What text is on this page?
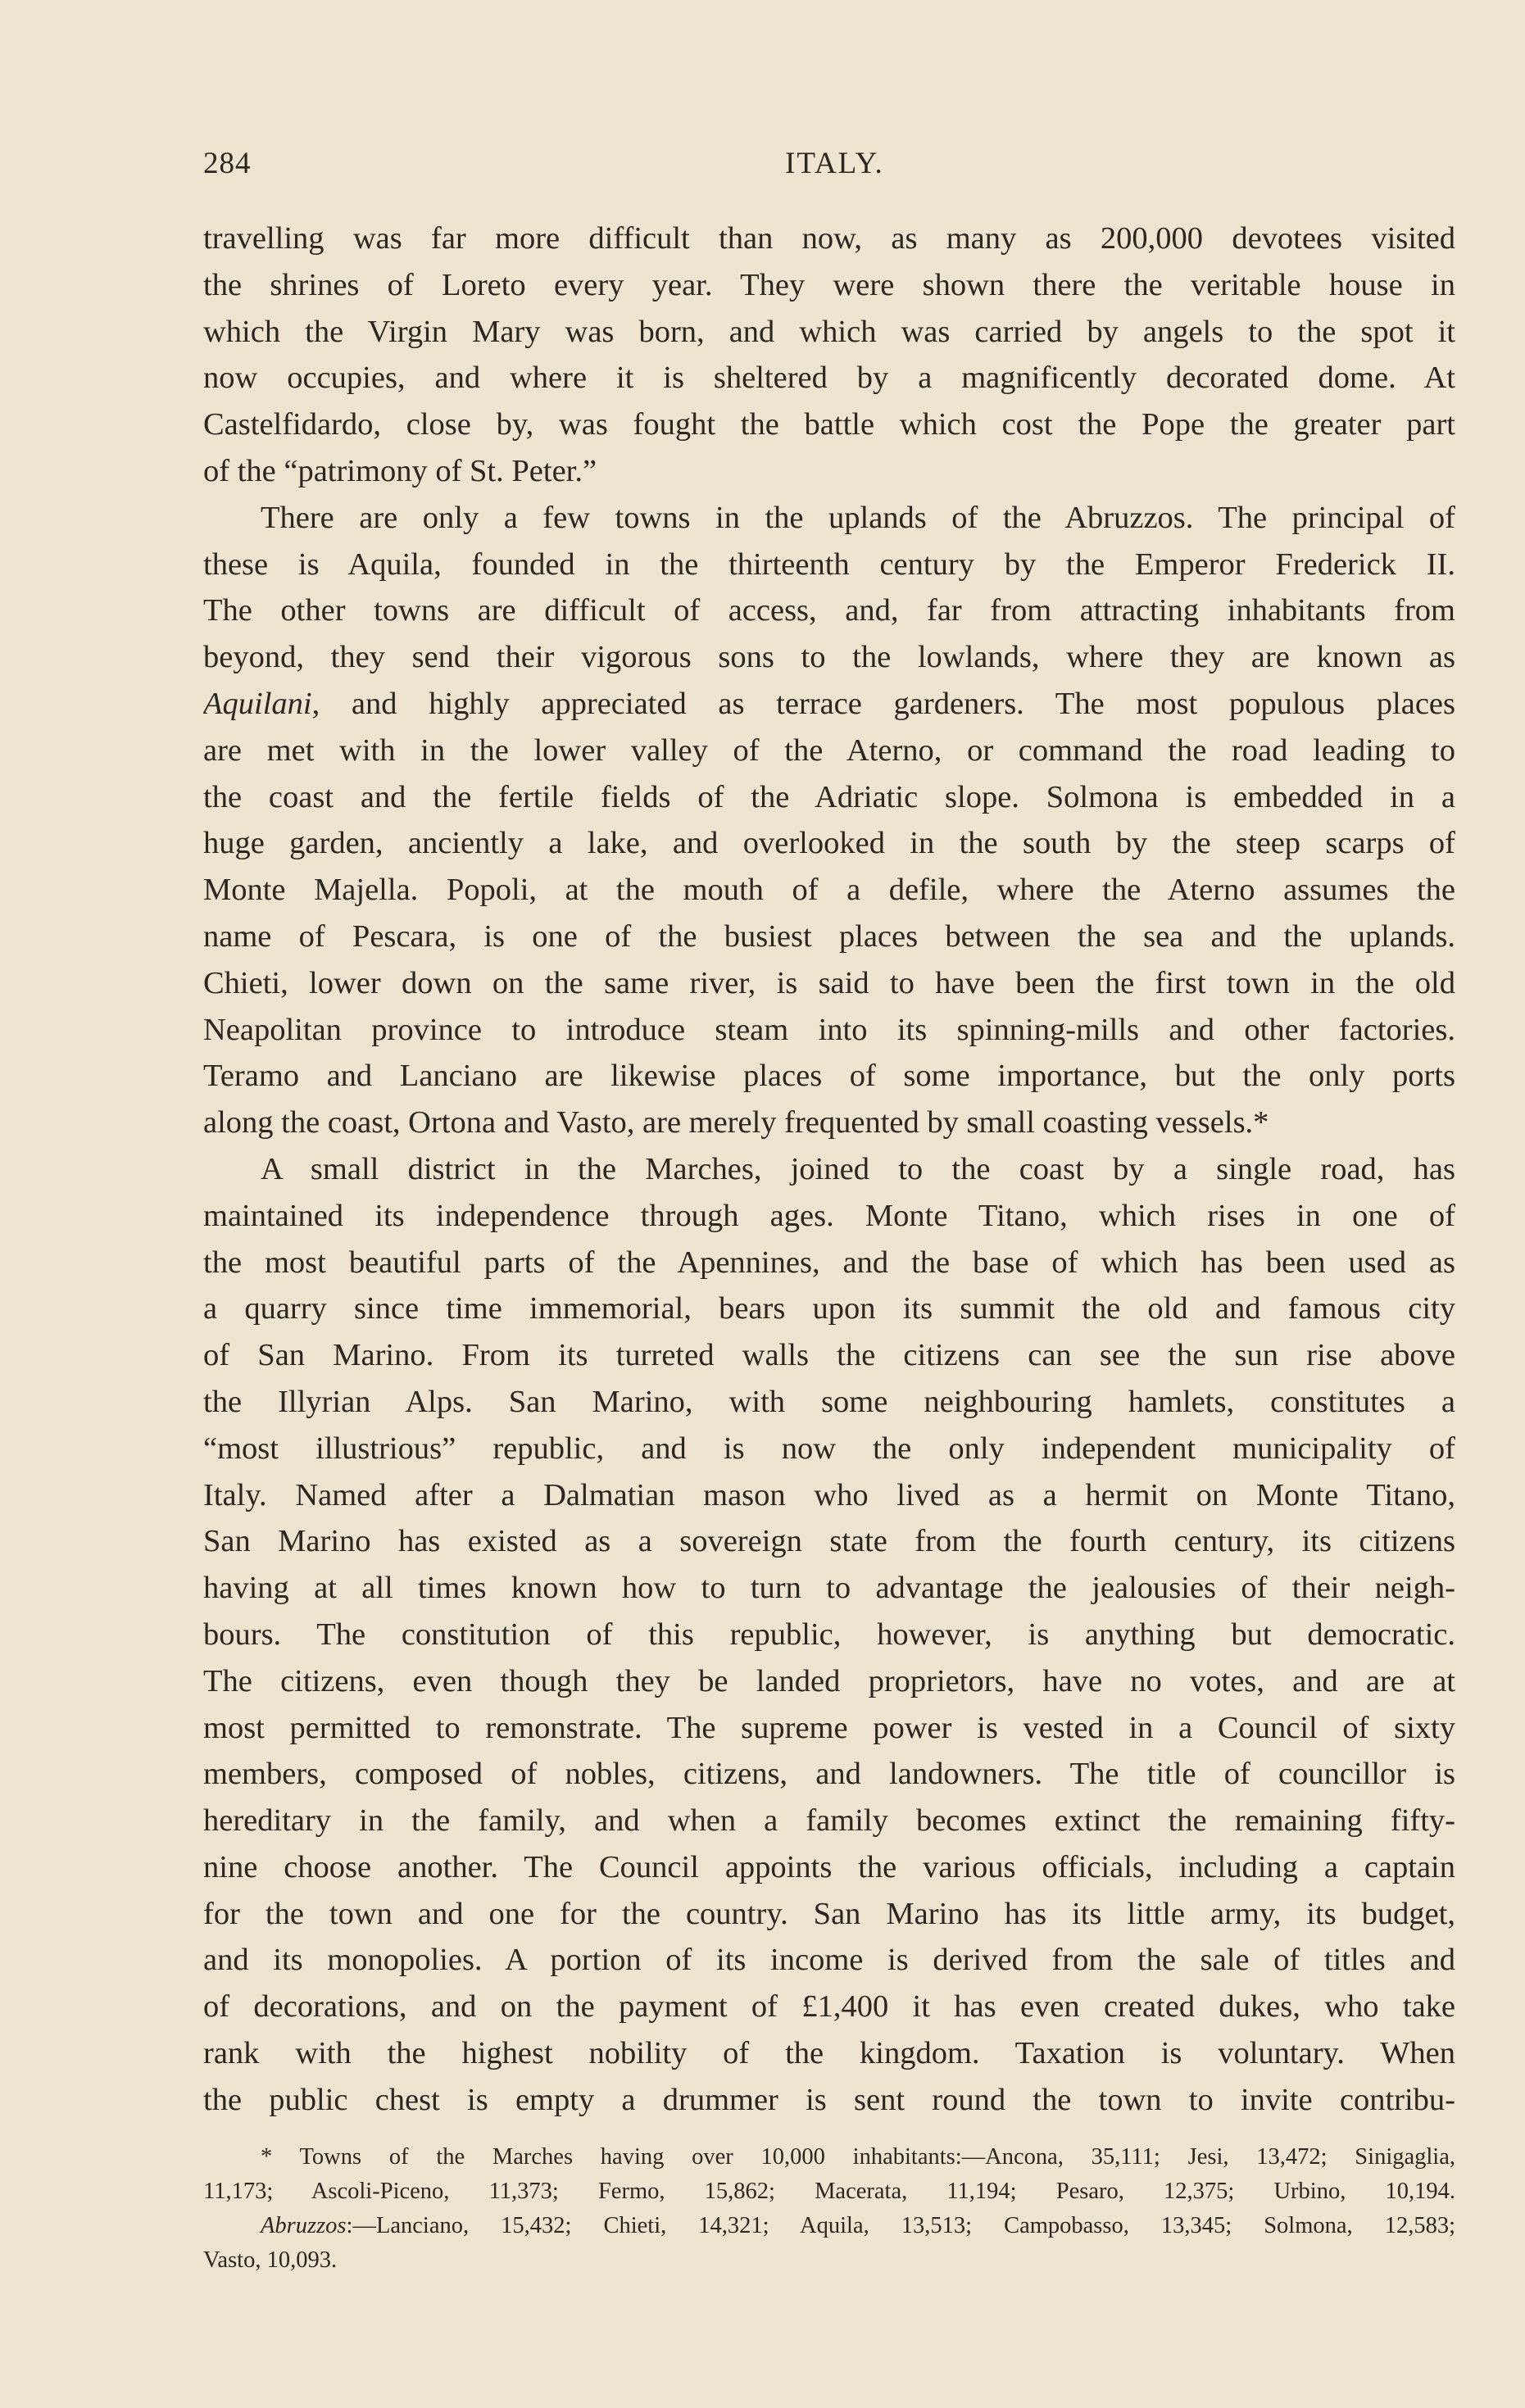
284	ITALY.
travelling was far more difficult than now, as many as 200,000 devotees visited
the shrines of Loreto every year. They were shown there the veritable house in
which the Virgin Mary was born, and which was carried by angels to the spot it
now occupies, and where it is sheltered by a magnificently decorated dome. At
Castelfidardo, close by, was fought the battle which cost the Pope the greater part
of the “patrimony of St. Peter.”
There are only a few towns in the uplands of the Abruzzos. The principal of
these is Aquila, founded in the thirteenth century by the Emperor Frederick II.
The other towns are difficult of access, and, far from attracting inhabitants from
beyond, they send their vigorous sons to the lowlands, where they are known as
Aquilani, and highly appreciated as terrace gardeners. The most populous places
are met with in the lower valley of the Aterno, or command the road leading to
the coast and the fertile fields of the Adriatic slope. Solmona is embedded in a
huge garden, anciently a lake, and overlooked in the south by the steep scarps of
Monte Majella. Popoli, at the mouth of a defile, where the Aterno assumes the
name of Pescara, is one of the busiest places between the sea and the uplands.
Chieti, lower down on the same river, is said to have been the first town in the old
Neapolitan province to introduce steam into its spinning-mills and other factories.
Teramo and Lanciano are likewise places of some importance, but the only ports
along the coast, Ortona and Vasto, are merely frequented by small coasting vessels.*
A small district in the Marches, joined to the coast by a single road, has
maintained its independence through ages. Monte Titano, which rises in one of
the most beautiful parts of the Apennines, and the base of which has been used as
a quarry since time immemorial, bears upon its summit the old and famous city
of San Marino. From its turreted walls the citizens can see the sun rise above
the Illyrian Alps. San Marino, with some neighbouring hamlets, constitutes a
“most illustrious” republic, and is now the only independent municipality of
Italy. Named after a Dalmatian mason who lived as a hermit on Monte Titano,
San Marino has existed as a sovereign state from the fourth century, its citizens
having at all times known how to turn to advantage the jealousies of their neigh-
bours. The constitution of this republic, however, is anything but democratic.
The citizens, even though they be landed proprietors, have no votes, and are at
most permitted to remonstrate. The supreme power is vested in a Council of sixty
members, composed of nobles, citizens, and landowners. The title of councillor is
hereditary in the family, and when a family becomes extinct the remaining fifty-
nine choose another. The Council appoints the various officials, including a captain
for the town and one for the country. San Marino has its little army, its budget,
and its monopolies. A portion of its income is derived from the sale of titles and
of decorations, and on the payment of £1,400 it has even created dukes, who take
rank with the highest nobility of the kingdom. Taxation is voluntary. When
the public chest is empty a drummer is sent round the town to invite contribu-
* Towns of the Marches having over 10,000 inhabitants:—Ancona, 35,111; Jesi, 13,472; Sinigaglia,
11,173; Ascoli-Piceno, 11,373; Fermo, 15,862; Macerata, 11,194; Pesaro, 12,375; Urbino, 10,194.
Abruzzos:—Lanciano, 15,432; Chieti, 14,321; Aquila, 13,513; Campobasso, 13,345; Solmona, 12,583;
Vasto, 10,093.
